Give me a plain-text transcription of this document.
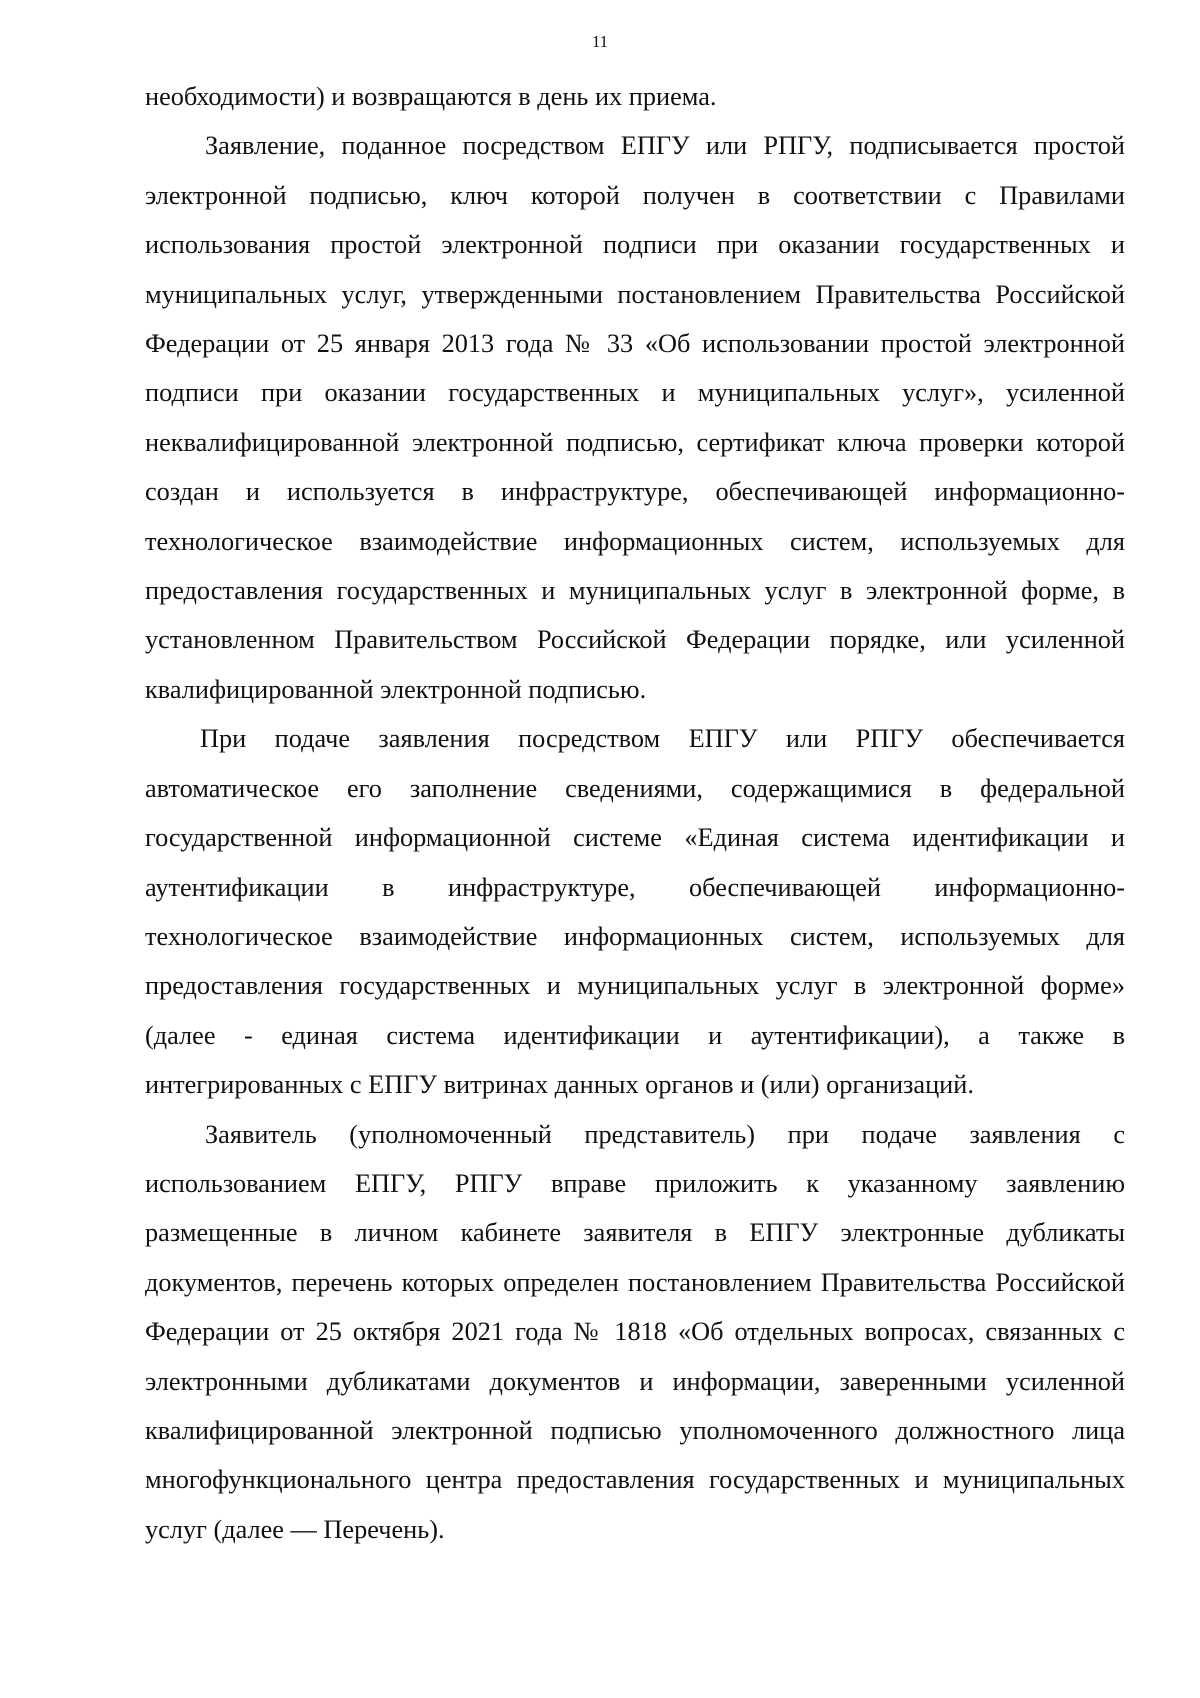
11

необходимости) и возвращаются в день их приема.

Заявление, поданное посредством ЕПГУ или РПГУ, подписывается простой электронной подписью, ключ которой получен в соответствии с Правилами использования простой электронной подписи при оказании государственных и муниципальных услуг, утвержденными постановлением Правительства Российской Федерации от 25 января 2013 года № 33 «Об использовании простой электронной подписи при оказании государственных и муниципальных услуг», усиленной неквалифицированной электронной подписью, сертификат ключа проверки которой создан и используется в инфраструктуре, обеспечивающей информационно-технологическое взаимодействие информационных систем, используемых для предоставления государственных и муниципальных услуг в электронной форме, в установленном Правительством Российской Федерации порядке, или усиленной квалифицированной электронной подписью.

При подаче заявления посредством ЕПГУ или РПГУ обеспечивается автоматическое его заполнение сведениями, содержащимися в федеральной государственной информационной системе «Единая система идентификации и аутентификации в инфраструктуре, обеспечивающей информационно-технологическое взаимодействие информационных систем, используемых для предоставления государственных и муниципальных услуг в электронной форме» (далее - единая система идентификации и аутентификации), а также в интегрированных с ЕПГУ витринах данных органов и (или) организаций.

Заявитель (уполномоченный представитель) при подаче заявления с использованием ЕПГУ, РПГУ вправе приложить к указанному заявлению размещенные в личном кабинете заявителя в ЕПГУ электронные дубликаты документов, перечень которых определен постановлением Правительства Российской Федерации от 25 октября 2021 года № 1818 «Об отдельных вопросах, связанных с электронными дубликатами документов и информации, заверенными усиленной квалифицированной электронной подписью уполномоченного должностного лица многофункционального центра предоставления государственных и муниципальных услуг (далее — Перечень).
